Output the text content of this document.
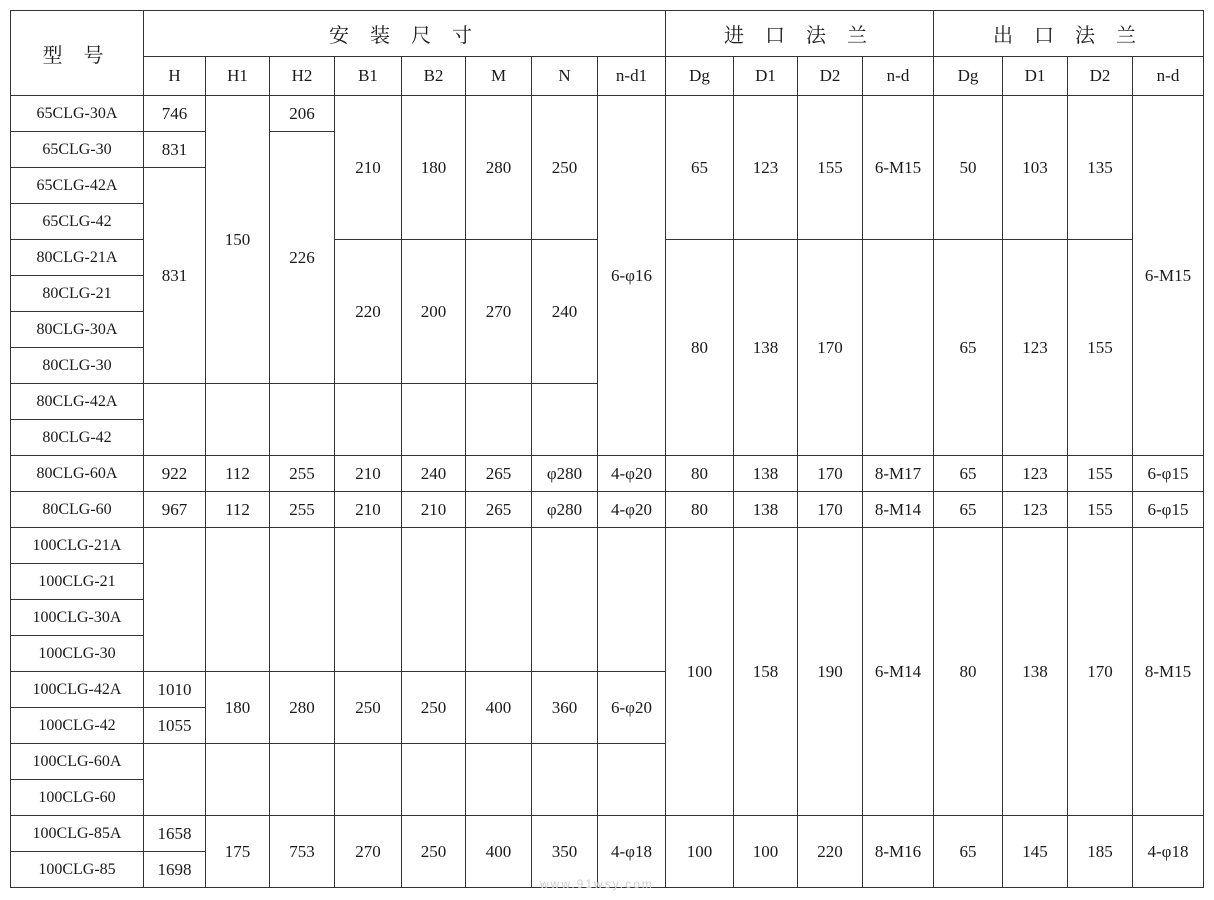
型 号	安 装 尺 寸								进 口 法 兰				出 口 法 兰			
	H	H1	H2	B1	B2	M	N	n-d1	Dg	D1	D2	n-d	Dg	D1	D2	n-d
65CLG-30A	746	150	206	210	180	280	250	6-φ16	65	123	155	6-M15	50	103	135	6-M15
65CLG-30	831		226													
65CLG-42A	831															
65CLG-42																
80CLG-21A				220	200	270	240		80	138	170		65	123	155	
80CLG-21																
80CLG-30A																
80CLG-30																
80CLG-42A																
80CLG-42																
80CLG-60A	922	112	255	210	240	265	φ280	4-φ20	80	138	170	8-M17	65	123	155	6-φ15
80CLG-60	967	112	255	210	210	265	φ280	4-φ20	80	138	170	8-M14	65	123	155	6-φ15
100CLG-21A									100	158	190	6-M14	80	138	170	8-M15
100CLG-21																
100CLG-30A																
100CLG-30																
100CLG-42A	1010	180	280	250	250	400	360	6-φ20								
100CLG-42	1055															
100CLG-60A																
100CLG-60																
100CLG-85A	1658	175	753	270	250	400	350	4-φ18	100	100	220	8-M16	65	145	185	4-φ18
100CLG-85	1698															
www.91wsy.com
